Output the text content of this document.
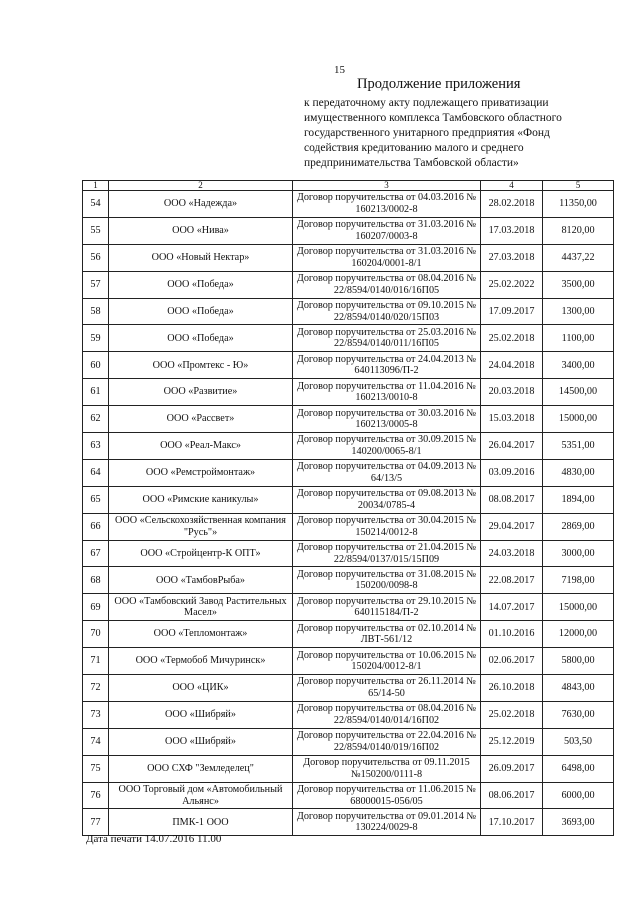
15
Продолжение приложения
к передаточному акту подлежащего приватизации
имущественного комплекса Тамбовского областного
государственного унитарного предприятия «Фонд
содействия кредитованию малого и среднего
предпринимательства Тамбовской области»
1	2	3	4	5
54	ООО «Надежда»	Договор поручительства от 04.03.2016 № 160213/0002-8	28.02.2018	11350,00
55	ООО «Нива»	Договор поручительства от 31.03.2016 № 160207/0003-8	17.03.2018	8120,00
56	ООО «Новый Нектар»	Договор поручительства от 31.03.2016 № 160204/0001-8/1	27.03.2018	4437,22
57	ООО «Победа»	Договор поручительства от 08.04.2016 № 22/8594/0140/016/16П05	25.02.2022	3500,00
58	ООО «Победа»	Договор поручительства от 09.10.2015 № 22/8594/0140/020/15П03	17.09.2017	1300,00
59	ООО «Победа»	Договор поручительства от 25.03.2016 № 22/8594/0140/011/16П05	25.02.2018	1100,00
60	ООО «Промтекс - Ю»	Договор поручительства от 24.04.2013 № 640113096/П-2	24.04.2018	3400,00
61	ООО «Развитие»	Договор поручительства от 11.04.2016 № 160213/0010-8	20.03.2018	14500,00
62	ООО «Рассвет»	Договор поручительства от 30.03.2016 № 160213/0005-8	15.03.2018	15000,00
63	ООО «Реал-Макс»	Договор поручительства от 30.09.2015 № 140200/0065-8/1	26.04.2017	5351,00
64	ООО «Ремстроймонтаж»	Договор поручительства от 04.09.2013 № 64/13/5	03.09.2016	4830,00
65	ООО «Римские каникулы»	Договор поручительства от 09.08.2013 № 20034/0785-4	08.08.2017	1894,00
66	ООО «Сельскохозяйственная компания "Русь"»	Договор поручительства от 30.04.2015 № 150214/0012-8	29.04.2017	2869,00
67	ООО «Стройцентр-К ОПТ»	Договор поручительства от 21.04.2015 № 22/8594/0137/015/15П09	24.03.2018	3000,00
68	ООО «ТамбовРыба»	Договор поручительства от 31.08.2015 № 150200/0098-8	22.08.2017	7198,00
69	ООО «Тамбовский Завод Растительных Масел»	Договор поручительства от 29.10.2015 № 640115184/П-2	14.07.2017	15000,00
70	ООО «Тепломонтаж»	Договор поручительства от 02.10.2014 № ЛВТ-561/12	01.10.2016	12000,00
71	ООО «Термобоб Мичуринск»	Договор поручительства от 10.06.2015 № 150204/0012-8/1	02.06.2017	5800,00
72	ООО «ЦИК»	Договор поручительства от 26.11.2014 № 65/14-50	26.10.2018	4843,00
73	ООО «Шибряй»	Договор поручительства от 08.04.2016 № 22/8594/0140/014/16П02	25.02.2018	7630,00
74	ООО «Шибряй»	Договор поручительства от 22.04.2016 № 22/8594/0140/019/16П02	25.12.2019	503,50
75	ООО СХФ "Земледелец"	Договор поручительства от 09.11.2015 №150200/0111-8	26.09.2017	6498,00
76	ООО Торговый дом «Автомобильный Альянс»	Договор поручительства от 11.06.2015 № 68000015-056/05	08.06.2017	6000,00
77	ПМК-1 ООО	Договор поручительства от 09.01.2014 № 130224/0029-8	17.10.2017	3693,00
Дата печати 14.07.2016 11.00
